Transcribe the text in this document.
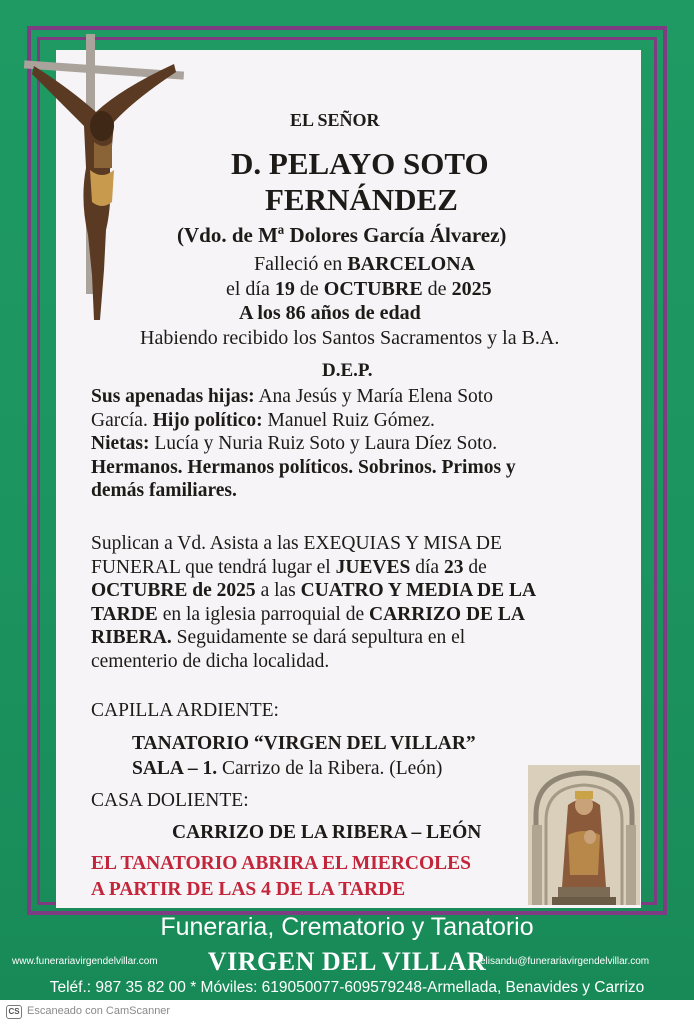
EL SEÑOR
D. PELAYO SOTO
FERNÁNDEZ
(Vdo. de Mª Dolores García Álvarez)
Falleció en BARCELONA
el día 19 de OCTUBRE de 2025
A los 86 años de edad
Habiendo recibido los Santos Sacramentos y la B.A.
D.E.P.
Sus apenadas hijas: Ana Jesús y María Elena Soto
García. Hijo político: Manuel Ruiz Gómez.
Nietas: Lucía y Nuria Ruiz Soto y Laura Díez Soto.
Hermanos. Hermanos políticos. Sobrinos. Primos y
demás familiares.
Suplican a Vd. Asista a las EXEQUIAS Y MISA DE
FUNERAL que tendrá lugar el JUEVES día 23 de
OCTUBRE de 2025 a las CUATRO Y MEDIA DE LA
TARDE en la iglesia parroquial de CARRIZO DE LA
RIBERA. Seguidamente se dará sepultura en el
cementerio de dicha localidad.
CAPILLA ARDIENTE:
TANATORIO “VIRGEN DEL VILLAR”
SALA – 1. Carrizo de la Ribera. (León)
CASA DOLIENTE:
CARRIZO DE LA RIBERA – LEÓN
EL TANATORIO ABRIRA EL MIERCOLES
A PARTIR DE LAS 4 DE LA TARDE
Funeraria, Crematorio y Tanatorio
www.funerariavirgendelvillar.com	VIRGEN DEL VILLAR
elisandu@funerariavirgendelvillar.com
Teléf.: 987 35 82 00 * Móviles: 619050077-609579248-Armellada, Benavides y Carrizo
CS Escaneado con CamScanner
